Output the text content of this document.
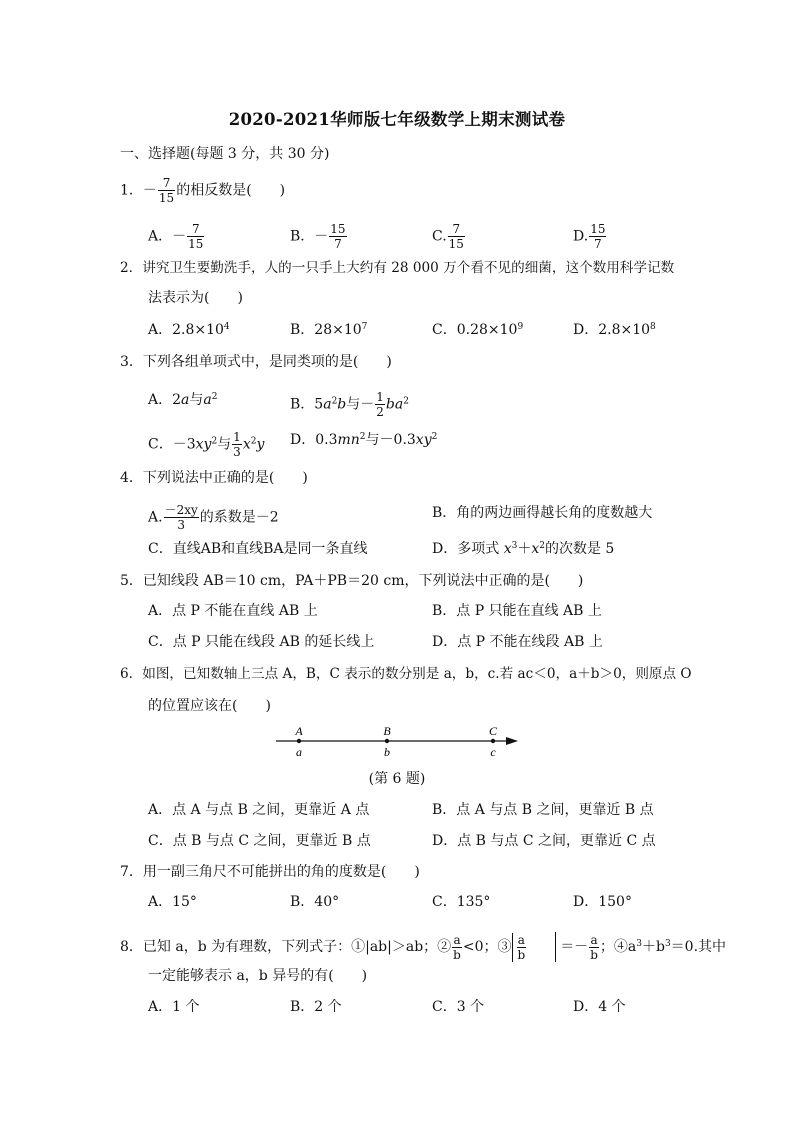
2020-2021华师版七年级数学上期末测试卷
一、选择题(每题 3 分，共 30 分)
1．－ $\frac{7}{15}$ 的相反数是(　　)
A．－ $\frac{7}{15}$	B．－ $\frac{15}{7}$	C. $\frac{7}{15}$	D. $\frac{15}{7}$
2．讲究卫生要勤洗手，人的一只手上大约有 28 000 万个看不见的细菌，这个数用科学记数
法表示为(　　)
A．$2.8\times 10^4$	B．$28\times 10^7$	C．$0.28\times 10^9$	D．$2.8\times 10^8$
3．下列各组单项式中，是同类项的是(　　)
A．2a与$a^2$	B．$5a^2b$与－ $\frac{1}{2} ba^2$
C．$-3xy^2$与 $\frac{1}{3} x^2y$ D．$0.3mn^2$与$-0.3xy^2$
4．下列说法中正确的是(　　)
A. $\frac{-2xy}{3}$ 的系数是－2	B．角的两边画得越长角的度数越大
C．直线AB和直线BA是同一条直线	D．多项式 $x^3+x^2$的次数是 5
5．已知线段 AB＝10 cm，PA＋PB＝20 cm，下列说法中正确的是(　　)
A．点 P 不能在直线 AB 上	B．点 P 只能在直线 AB 上
C．点 P 只能在线段 AB 的延长线上	D．点 P 不能在线段 AB 上
6．如图，已知数轴上三点 A，B，C 表示的数分别是 a，b，c.若 ac＜0，a＋b＞0，则原点 O
的位置应该在(　　)
A	B	C
a	b	c
(第 6 题)
A．点 A 与点 B 之间，更靠近 A 点	B．点 A 与点 B 之间，更靠近 B 点
C．点 B 与点 C 之间，更靠近 B 点	D．点 B 与点 C 之间，更靠近 C 点
7．用一副三角尺不可能拼出的角的度数是(　　)
A．15°	B．40°	C．135°	D．150°
8．已知 a，b 为有理数，下列式子：①|ab|＞ab；② $\frac{a}{b} <0$；③ $\frac{a}{b} =- \frac{a}{b}$ ；$④a^3+b^3=0$.其中
一定能够表示 a，b 异号的有(　　)
A．1 个	B．2 个	C．3 个	D．4 个
